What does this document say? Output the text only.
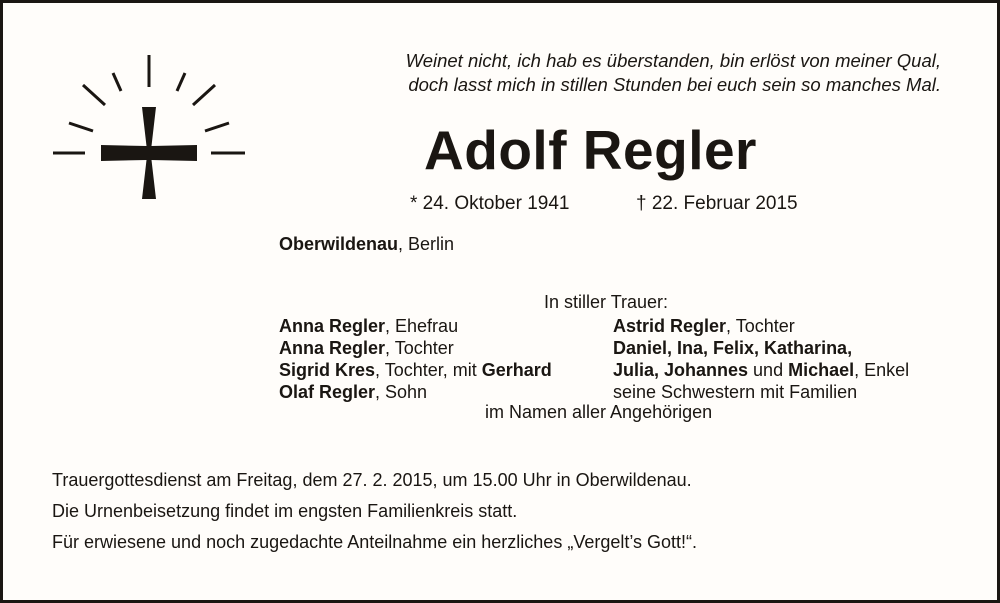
Weinet nicht, ich hab es überstanden, bin erlöst von meiner Qual,
doch lasst mich in stillen Stunden bei euch sein so manches Mal.
Adolf Regler
* 24. Oktober 1941	† 22. Februar 2015
Oberwildenau, Berlin
In stiller Trauer:
Anna Regler, Ehefrau
Anna Regler, Tochter
Sigrid Kres, Tochter, mit Gerhard
Olaf Regler, Sohn
Astrid Regler, Tochter
Daniel, Ina, Felix, Katharina,
Julia, Johannes und Michael, Enkel
seine Schwestern mit Familien
im Namen aller Angehörigen
Trauergottesdienst am Freitag, dem 27. 2. 2015, um 15.00 Uhr in Oberwildenau.
Die Urnenbeisetzung findet im engsten Familienkreis statt.
Für erwiesene und noch zugedachte Anteilnahme ein herzliches „Vergelt’s Gott!“.
